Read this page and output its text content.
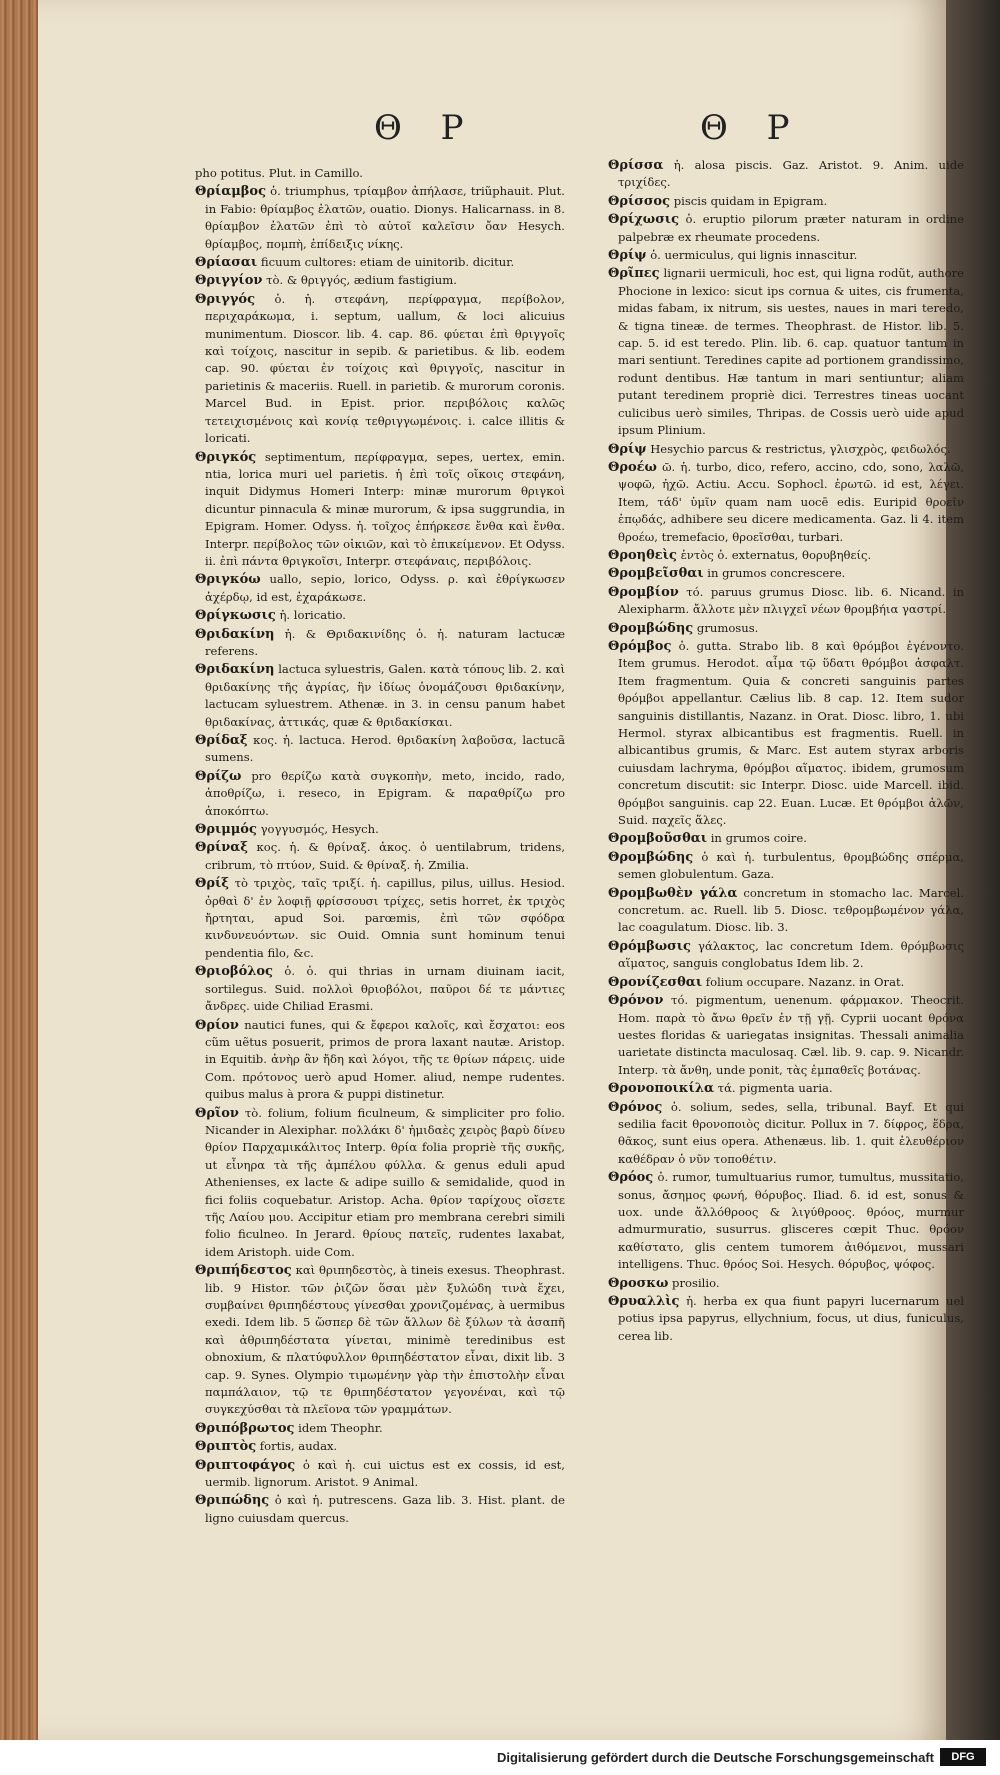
Θ Ρ	Θ Ρ

pho potitus. Plut. in Camillo.

Θρίαμβος ὁ. triumphus, τρίαμβον ἀπήλασε, triũphauit. Plut. in Fabio: θρίαμβος ἐλατῶν, ouatio. Dionys. Halicarnass. in 8. θρίαμβον ἐλατῶν ἐπὶ τὸ αὐτοῖ καλεῖσιν ὄαν Hesych. θρίαμβος, πομπὴ, ἐπίδειξις νίκης.

Θρίασαι ficuum cultores: etiam de uinitorib. dicitur.

Θριγγίον τὸ. & θριγγός, ædium fastigium.

Θριγγός ὁ. ἡ. στεφάνη, περίφραγμα, περίβολον, περιχαράκωμα, i. septum, uallum, & loci alicuius munimentum. Dioscor. lib. 4. cap. 86. φύεται ἐπὶ θριγγοῖς καὶ τοίχοις, nascitur in sepib. & parietibus. & lib. eodem cap. 90. φύεται ἐν τοίχοις καὶ θριγγοῖς, nascitur in parietinis & maceriis. Ruell. in parietib. & murorum coronis. Marcel Bud. in Epist. prior. περιβόλοις καλῶς τετειχισμένοις καὶ κονίᾳ τεθριγγωμένοις. i. calce illitis & loricati.

Θριγκός septimentum, περίφραγμα, sepes, uertex, emin. ntia, lorica muri uel parietis. ἡ ἐπὶ τοῖς οἴκοις στεφάνη, inquit Didymus Homeri Interp: minæ murorum θριγκοὶ dicuntur pinnacula & minæ murorum, & ipsa suggrundia, in Epigram. Homer. Odyss. ἡ. τοῖχος ἐπήρκεσε ἔνθα καὶ ἔνθα. Interpr. περίβολος τῶν οἰκιῶν, καὶ τὸ ἐπικείμενον. Et Odyss. ii. ἐπὶ πάντα θριγκοῖσι, Interpr. στεφάναις, περιβόλοις.

Θριγκόω uallo, sepio, lorico, Odyss. ρ. καὶ ἐθρίγκωσεν ἀχέρδῳ, id est, ἐχαράκωσε.

Θρίγκωσις ἡ. loricatio.

Θριδακίνη ἡ. & Θριδακινίδης ὁ. ἡ. naturam lactucæ referens.

Θριδακίνη lactuca syluestris, Galen. κατὰ τόπους lib. 2. καὶ θριδακίνης τῆς ἀγρίας, ἣν ἰδίως ὀνομάζουσι θριδακίνην, lactucam syluestrem. Athenæ. in 3. in censu panum habet θριδακίνας, ἀττικάς, quæ & θριδακίσκαι.

Θρίδαξ κος. ἡ. lactuca. Herod. θριδακίνη λαβοῦσα, lactucã sumens.

Θρίζω pro θερίζω κατὰ συγκοπὴν, meto, incido, rado, ἀποθρίζω, i. reseco, in Epigram. & παραθρίζω pro ἀποκόπτω.

Θριμμός γογγυσμός, Hesych.

Θρίναξ κος. ἡ. & θρίναξ. ἀκος. ὁ uentilabrum, tridens, cribrum, τὸ πτύον, Suid. & θρίναξ. ἡ. Zmilia.

Θρίξ τὸ τριχὸς, ταῖς τριξί. ἡ. capillus, pilus, uillus. Hesiod. ὀρθαὶ δ' ἐν λοφιῇ φρίσσουσι τρίχες, setis horret, ἐκ τριχὸς ἤρτηται, apud Soi. parœmis, ἐπὶ τῶν σφόδρα κινδυνευόντων. sic Ouid. Omnia sunt hominum tenui pendentia filo, &c.

Θριοβόλος ὁ. ὁ. qui thrias in urnam diuinam iacit, sortilegus. Suid. πολλοὶ θριοβόλοι, παῦροι δέ τε μάντιες ἄνδρες. uide Chiliad Erasmi.

Θρίον nautici funes, qui & ἔφεροι καλοῖς, καὶ ἔσχατοι: eos cũm uẽtus posuerit, primos de prora laxant nautæ. Aristop. in Equitib. ἀνὴρ ἂν ἤδη καὶ λόγοι, τῆς τε θρίων πάρεις. uide Com. πρότονος uerò apud Homer. aliud, nempe rudentes. quibus malus à prora & puppi distinetur.

Θρῖον τὸ. folium, folium ficulneum, & simpliciter pro folio. Nicander in Alexiphar. πολλάκι δ' ἡμιδαὲς χειρὸς βαρὺ δίνευ θρίον Παρχαμικάλιτος Interp. θρία folia propriè τῆς συκῆς, ut εἶνηρα τὰ τῆς ἀμπέλου φύλλα. & genus eduli apud Athenienses, ex lacte & adipe suillo & semidalide, quod in fici foliis coquebatur. Aristop. Acha. θρίον ταρίχους οἴσετε τῆς Λαίου μου. Accipitur etiam pro membrana cerebri simili folio ficulneo. In Jerard. θρίους πατεῖς, rudentes laxabat, idem Aristoph. uide Com.

Θριπήδεστος καὶ θριπηδεστὸς, à tineis exesus. Theophrast. lib. 9 Histor. τῶν ῥιζῶν ὅσαι μὲν ξυλώδη τινὰ ἔχει, συμβαίνει θριπηδέστους γίνεσθαι χρονιζομένας, à uermibus exedi. Idem lib. 5 ὥσπερ δὲ τῶν ἄλλων δὲ ξύλων τὰ ἀσαπῆ καὶ ἀθριπηδέστατα γίνεται, minimè teredinibus est obnoxium, & πλατύφυλλον θριπηδέστατον εἶναι, dixit lib. 3 cap. 9. Synes. Olympio τιμωμένην γὰρ τὴν ἐπιστολὴν εἶναι παμπάλαιον, τῷ τε θριπηδέστατον γεγονέναι, καὶ τῷ συγκεχύσθαι τὰ πλεῖονα τῶν γραμμάτων.

Θριπόβρωτος idem Theophr.

Θριπτὸς fortis, audax.

Θριπτοφάγος ὁ καὶ ἡ. cui uictus est ex cossis, id est, uermib. lignorum. Aristot. 9 Animal.

Θριπώδης ὁ καὶ ἡ. putrescens. Gaza lib. 3. Hist. plant. de ligno cuiusdam quercus.

Θρίσσα ἡ. alosa piscis. Gaz. Aristot. 9. Anim. uide τριχίδες.

Θρίσσος piscis quidam in Epigram.

Θρίχωσις ὁ. eruptio pilorum præter naturam in ordine palpebræ ex rheumate procedens.

Θρίψ ὁ. uermiculus, qui lignis innascitur.

Θρῖπες lignarii uermiculi, hoc est, qui ligna rodũt, authore Phocione in lexico: sicut ips cornua & uites, cis frumenta, midas fabam, ix nitrum, sis uestes, naues in mari teredo, & tigna tineæ. de termes. Theophrast. de Histor. lib. 5. cap. 5. id est teredo. Plin. lib. 6. cap. quatuor tantum in mari sentiunt. Teredines capite ad portionem grandissimo, rodunt dentibus. Hæ tantum in mari sentiuntur; aliam putant teredinem propriè dici. Terrestres tineas uocant culicibus uerò similes, Thripas. de Cossis uerò uide apud ipsum Plinium.

Θρίψ Hesychio parcus & restrictus, γλισχρὸς, φειδωλός.

Θροέω ῶ. ἡ. turbo, dico, refero, accino, cdo, sono, λαλῶ, ψοφῶ, ἠχῶ. Actiu. Accu. Sophocl. ἐρωτῶ. id est, λέγει. Item, τάδ' ὑμῖν quam nam uocē edis. Euripid θροεῖν ἐπῳδάς, adhibere seu dicere medicamenta. Gaz. li 4. item θροέω, tremefacio, θροεῖσθαι, turbari.

Θροηθεὶς ἐντὸς ὁ. externatus, θορυβηθείς.

Θρομβεῖσθαι in grumos concrescere.

Θρομβίον τό. paruus grumus Diosc. lib. 6. Nicand. in Alexipharm. ἄλλοτε μὲν πλιγχεῖ νέων θρομβήια γαστρί.

Θρομβώδης grumosus.

Θρόμβος ὁ. gutta. Strabo lib. 8 καὶ θρόμβοι ἐγένοντο. Item grumus. Herodot. αἷμα τῷ ὕδατι θρόμβοι ἀσφαλτ. Item fragmentum. Quia & concreti sanguinis partes θρόμβοι appellantur. Cælius lib. 8 cap. 12. Item sudor sanguinis distillantis, Nazanz. in Orat. Diosc. libro, 1. ubi Hermol. styrax albicantibus est fragmentis. Ruell. in albicantibus grumis, & Marc. Est autem styrax arboris cuiusdam lachryma, θρόμβοι αἵματος. ibidem, grumosum concretum discutit: sic Interpr. Diosc. uide Marcell. ibid. θρόμβοι sanguinis. cap 22. Euan. Lucæ. Et θρόμβοι ἁλῶν, Suid. παχεῖς ἅλες.

Θρομβοῦσθαι in grumos coire.

Θρομβώδης ὁ καὶ ἡ. turbulentus, θρομβώδης σπέρμα, semen globulentum. Gaza.

Θρομβωθὲν γάλα concretum in stomacho lac. Marcel. concretum. ac. Ruell. lib 5. Diosc. τεθρομβωμένον γάλα, lac coagulatum. Diosc. lib. 3.

Θρόμβωσις γάλακτος, lac concretum Idem. θρόμβωσις αἵματος, sanguis conglobatus Idem lib. 2.

Θρονίζεσθαι folium occupare. Nazanz. in Orat.

Θρόνον τό. pigmentum, uenenum. φάρμακον. Theocrit. Hom. παρὰ τὸ ἄνω θρεῖν ἐν τῇ γῇ. Cyprii uocant θρόνα uestes floridas & uariegatas insignitas. Thessali animalia uarietate distincta maculosaq. Cæl. lib. 9. cap. 9. Nicandr. Interp. τὰ ἄνθη, unde ponit, τὰς ἐμπαθεῖς βοτάνας.

Θρονοποικίλα τά. pigmenta uaria.

Θρόνος ὁ. solium, sedes, sella, tribunal. Bayf. Et qui sedilia facit θρονοποιὸς dicitur. Pollux in 7. δίφρος, ἕδρα, θᾶκος, sunt eius opera. Athenæus. lib. 1. quit ἐλευθέριον καθέδραν ὁ νῦν τοποθέτιν.

Θρόος ὁ. rumor, tumultuarius rumor, tumultus, mussitatio, sonus, ἄσημος φωνή, θόρυβος. Iliad. δ. id est, sonus & uox. unde ἄλλόθροος & λιγύθροος. θρόος, murmur admurmuratio, susurrus. glisceres cœpit Thuc. θρόον καθίστατο, glis centem tumorem ἀιθόμενοι, mussari intelligens. Thuc. θρόος Soi. Hesych. θόρυβος, ψόφος.

Θροσκω prosilio.

Θρυαλλὶς ἡ. herba ex qua fiunt papyri lucernarum uel potius ipsa papyrus, ellychnium, focus, ut dius, funiculus, cerea lib.

Digitalisierung gefördert durch die Deutsche Forschungsgemeinschaft	DFG
